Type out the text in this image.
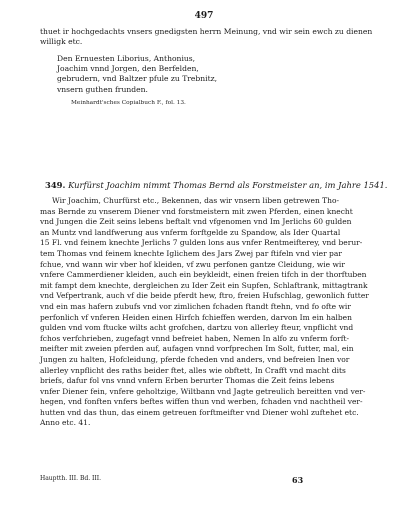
497
thuet ir hochgedachts vnsers gnedigsten herrn Meinung, vnd wir sein ewch zu dienen
willigk etc.
Den Ernuesten Liborius, Anthonius,
Joachim vnnd Jorgen, den Berfelden,
gebrudern, vnd Baltzer pfule zu Trebnitz,
vnsern guthen frunden.
Meinhardt'sches Copialbuch F., fol. 13.
349. Kurfürst Joachim nimmt Thomas Bernd als Forstmeister an, im Jahre 1541.
Wir Joachim, Churfürst etc., Bekennen, das wir vnsern liben getrewen Tho-
mas Bernde zu vnserem Diener vnd forstmeistern mit zwen Pferden, einen knecht
vnd Jungen die Zeit seins lebens beftalt vnd vfgenomen vnd Im Jerlichs 60 gulden
an Muntz vnd landfwerung aus vnferm forftgelde zu Spandow, als Ider Quartal
15 Fl. vnd feinem knechte Jerlichs 7 gulden lons aus vnfer Rentmeifterey, vnd berur-
tem Thomas vnd feinem knechte Iglichem des Jars Zwej par ftifeln vnd vier par
fchue, vnd wann wir vber hof kleiden, vf zwu perfonen gantze Cleidung, wie wir
vnfere Cammerdiener kleiden, auch ein beykleidt, einen freien tifch in der thorftuben
mit fampt dem knechte, dergleichen zu Ider Zeit ein Supfen, Schlaftrank, mittagtrank
vnd Vefpertrank, auch vf die beide pferdt hew, ftro, freien Hufschlag, gewonlich futter
vnd ein mas hafern zubufs vnd vor zimlichen fchaden ftandt ftehn, vnd fo ofte wir
perfonlich vf vnferen Heiden einen Hirfch fchieffen werden, darvon Im ein halben
gulden vnd vom ftucke wilts acht grofchen, dartzu von allerley fteur, vnpflicht vnd
fchos verfchrieben, zugefagt vnnd befreiet haben, Nemen In alfo zu vnferm forft-
meifter mit zweien pferden auf, aufagen vnnd vorfprechen Im Solt, futter, mal, ein
Jungen zu halten, Hofcleidung, pferde fcheden vnd anders, vnd befreien Inen vor
allerley vnpflicht des raths beider ftet, alles wie obftett, In Crafft vnd macht dits
briefs, dafur fol vns vnnd vnfern Erben berurter Thomas die Zeit feins lebens
vnfer Diener fein, vnfere geholtzige, Wiltbann vnd Jagte getreulich bereitten vnd ver-
hegen, vnd fonften vnfers beftes wiffen thun vnd werben, fchaden vnd nachtheil ver-
hutten vnd das thun, das einem getreuen forftmeifter vnd Diener wohl zuftehet etc.
Anno etc. 41.
Hauptth. III. Bd. III.	63
